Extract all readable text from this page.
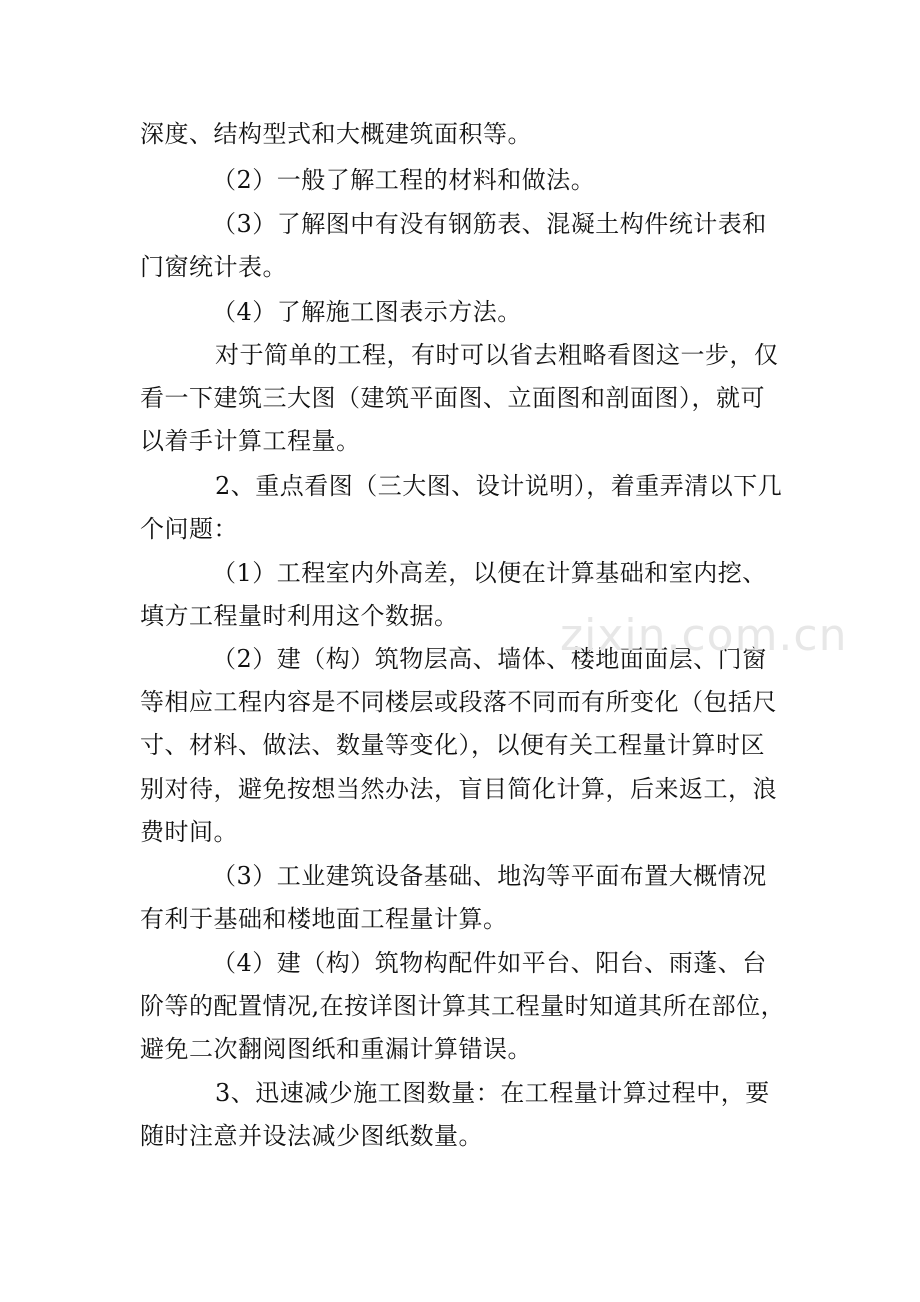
深度、结构型式和大概建筑面积等。
（2）一般了解工程的材料和做法。
（3）了解图中有没有钢筋表、混凝土构件统计表和
门窗统计表。
（4）了解施工图表示方法。
对于简单的工程，有时可以省去粗略看图这一步，仅
看一下建筑三大图（建筑平面图、立面图和剖面图），就可
以着手计算工程量。
2、重点看图（三大图、设计说明），着重弄清以下几
个问题：
（1）工程室内外高差，以便在计算基础和室内挖、
填方工程量时利用这个数据。
（2）建（构）筑物层高、墙体、楼地面面层、门窗
等相应工程内容是不同楼层或段落不同而有所变化（包括尺
寸、材料、做法、数量等变化），以便有关工程量计算时区
别对待，避免按想当然办法，盲目简化计算，后来返工，浪
费时间。
（3）工业建筑设备基础、地沟等平面布置大概情况
有利于基础和楼地面工程量计算。
（4）建（构）筑物构配件如平台、阳台、雨蓬、台
阶等的配置情况,在按详图计算其工程量时知道其所在部位，
避免二次翻阅图纸和重漏计算错误。
3、迅速减少施工图数量：在工程量计算过程中，要
随时注意并设法减少图纸数量。
zixin.com.cn
